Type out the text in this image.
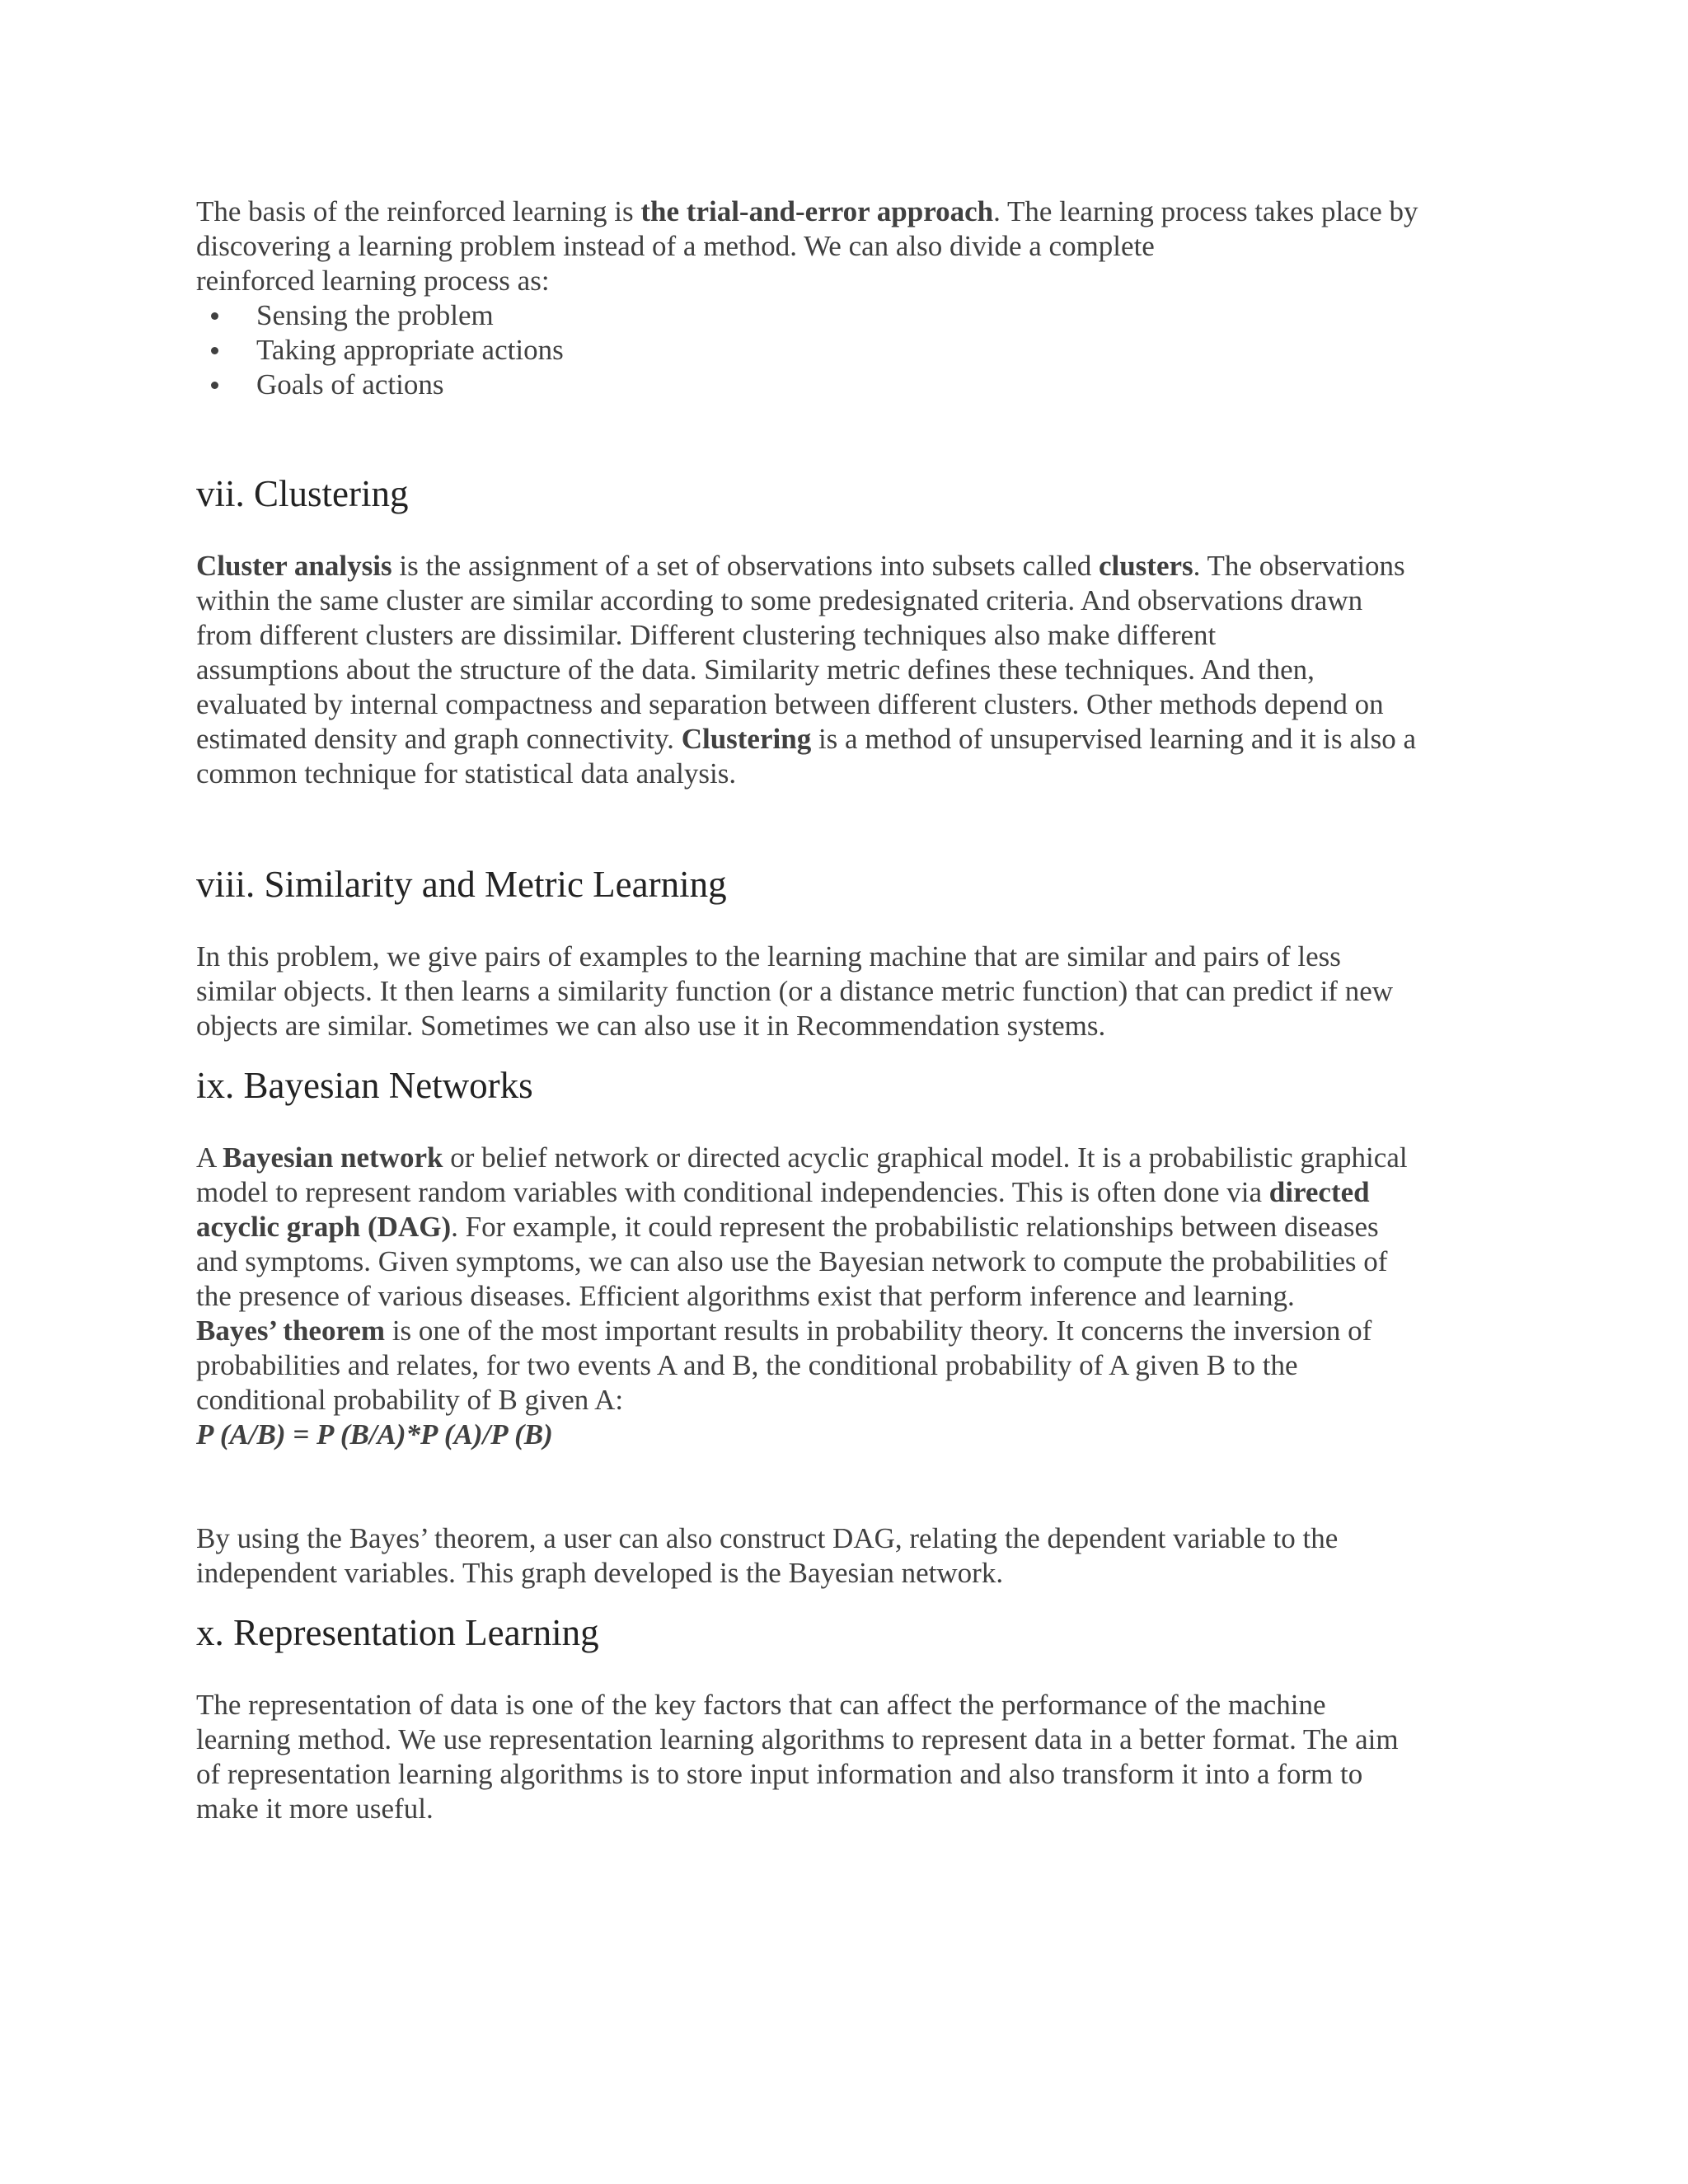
The basis of the reinforced learning is the trial-and-error approach. The learning process takes place by
discovering a learning problem instead of a method. We can also divide a complete
reinforced learning process as:

Sensing the problem
Taking appropriate actions
Goals of actions
vii. Clustering

Cluster analysis is the assignment of a set of observations into subsets called clusters. The observations
within the same cluster are similar according to some predesignated criteria. And observations drawn
from different clusters are dissimilar. Different clustering techniques also make different
assumptions about the structure of the data. Similarity metric defines these techniques. And then,
evaluated by internal compactness and separation between different clusters. Other methods depend on
estimated density and graph connectivity. Clustering is a method of unsupervised learning and it is also a
common technique for statistical data analysis.

viii. Similarity and Metric Learning

In this problem, we give pairs of examples to the learning machine that are similar and pairs of less
similar objects. It then learns a similarity function (or a distance metric function) that can predict if new
objects are similar. Sometimes we can also use it in Recommendation systems.

ix. Bayesian Networks

A Bayesian network or belief network or directed acyclic graphical model. It is a probabilistic graphical
model to represent random variables with conditional independencies. This is often done via directed
acyclic graph (DAG). For example, it could represent the probabilistic relationships between diseases
and symptoms. Given symptoms, we can also use the Bayesian network to compute the probabilities of
the presence of various diseases. Efficient algorithms exist that perform inference and learning.
Bayes’ theorem is one of the most important results in probability theory. It concerns the inversion of
probabilities and relates, for two events A and B, the conditional probability of A given B to the
conditional probability of B given A:

P (A/B) = P (B/A)*P (A)/P (B)

By using the Bayes’ theorem, a user can also construct DAG, relating the dependent variable to the
independent variables. This graph developed is the Bayesian network.

x. Representation Learning

The representation of data is one of the key factors that can affect the performance of the machine
learning method. We use representation learning algorithms to represent data in a better format. The aim
of representation learning algorithms is to store input information and also transform it into a form to
make it more useful.
